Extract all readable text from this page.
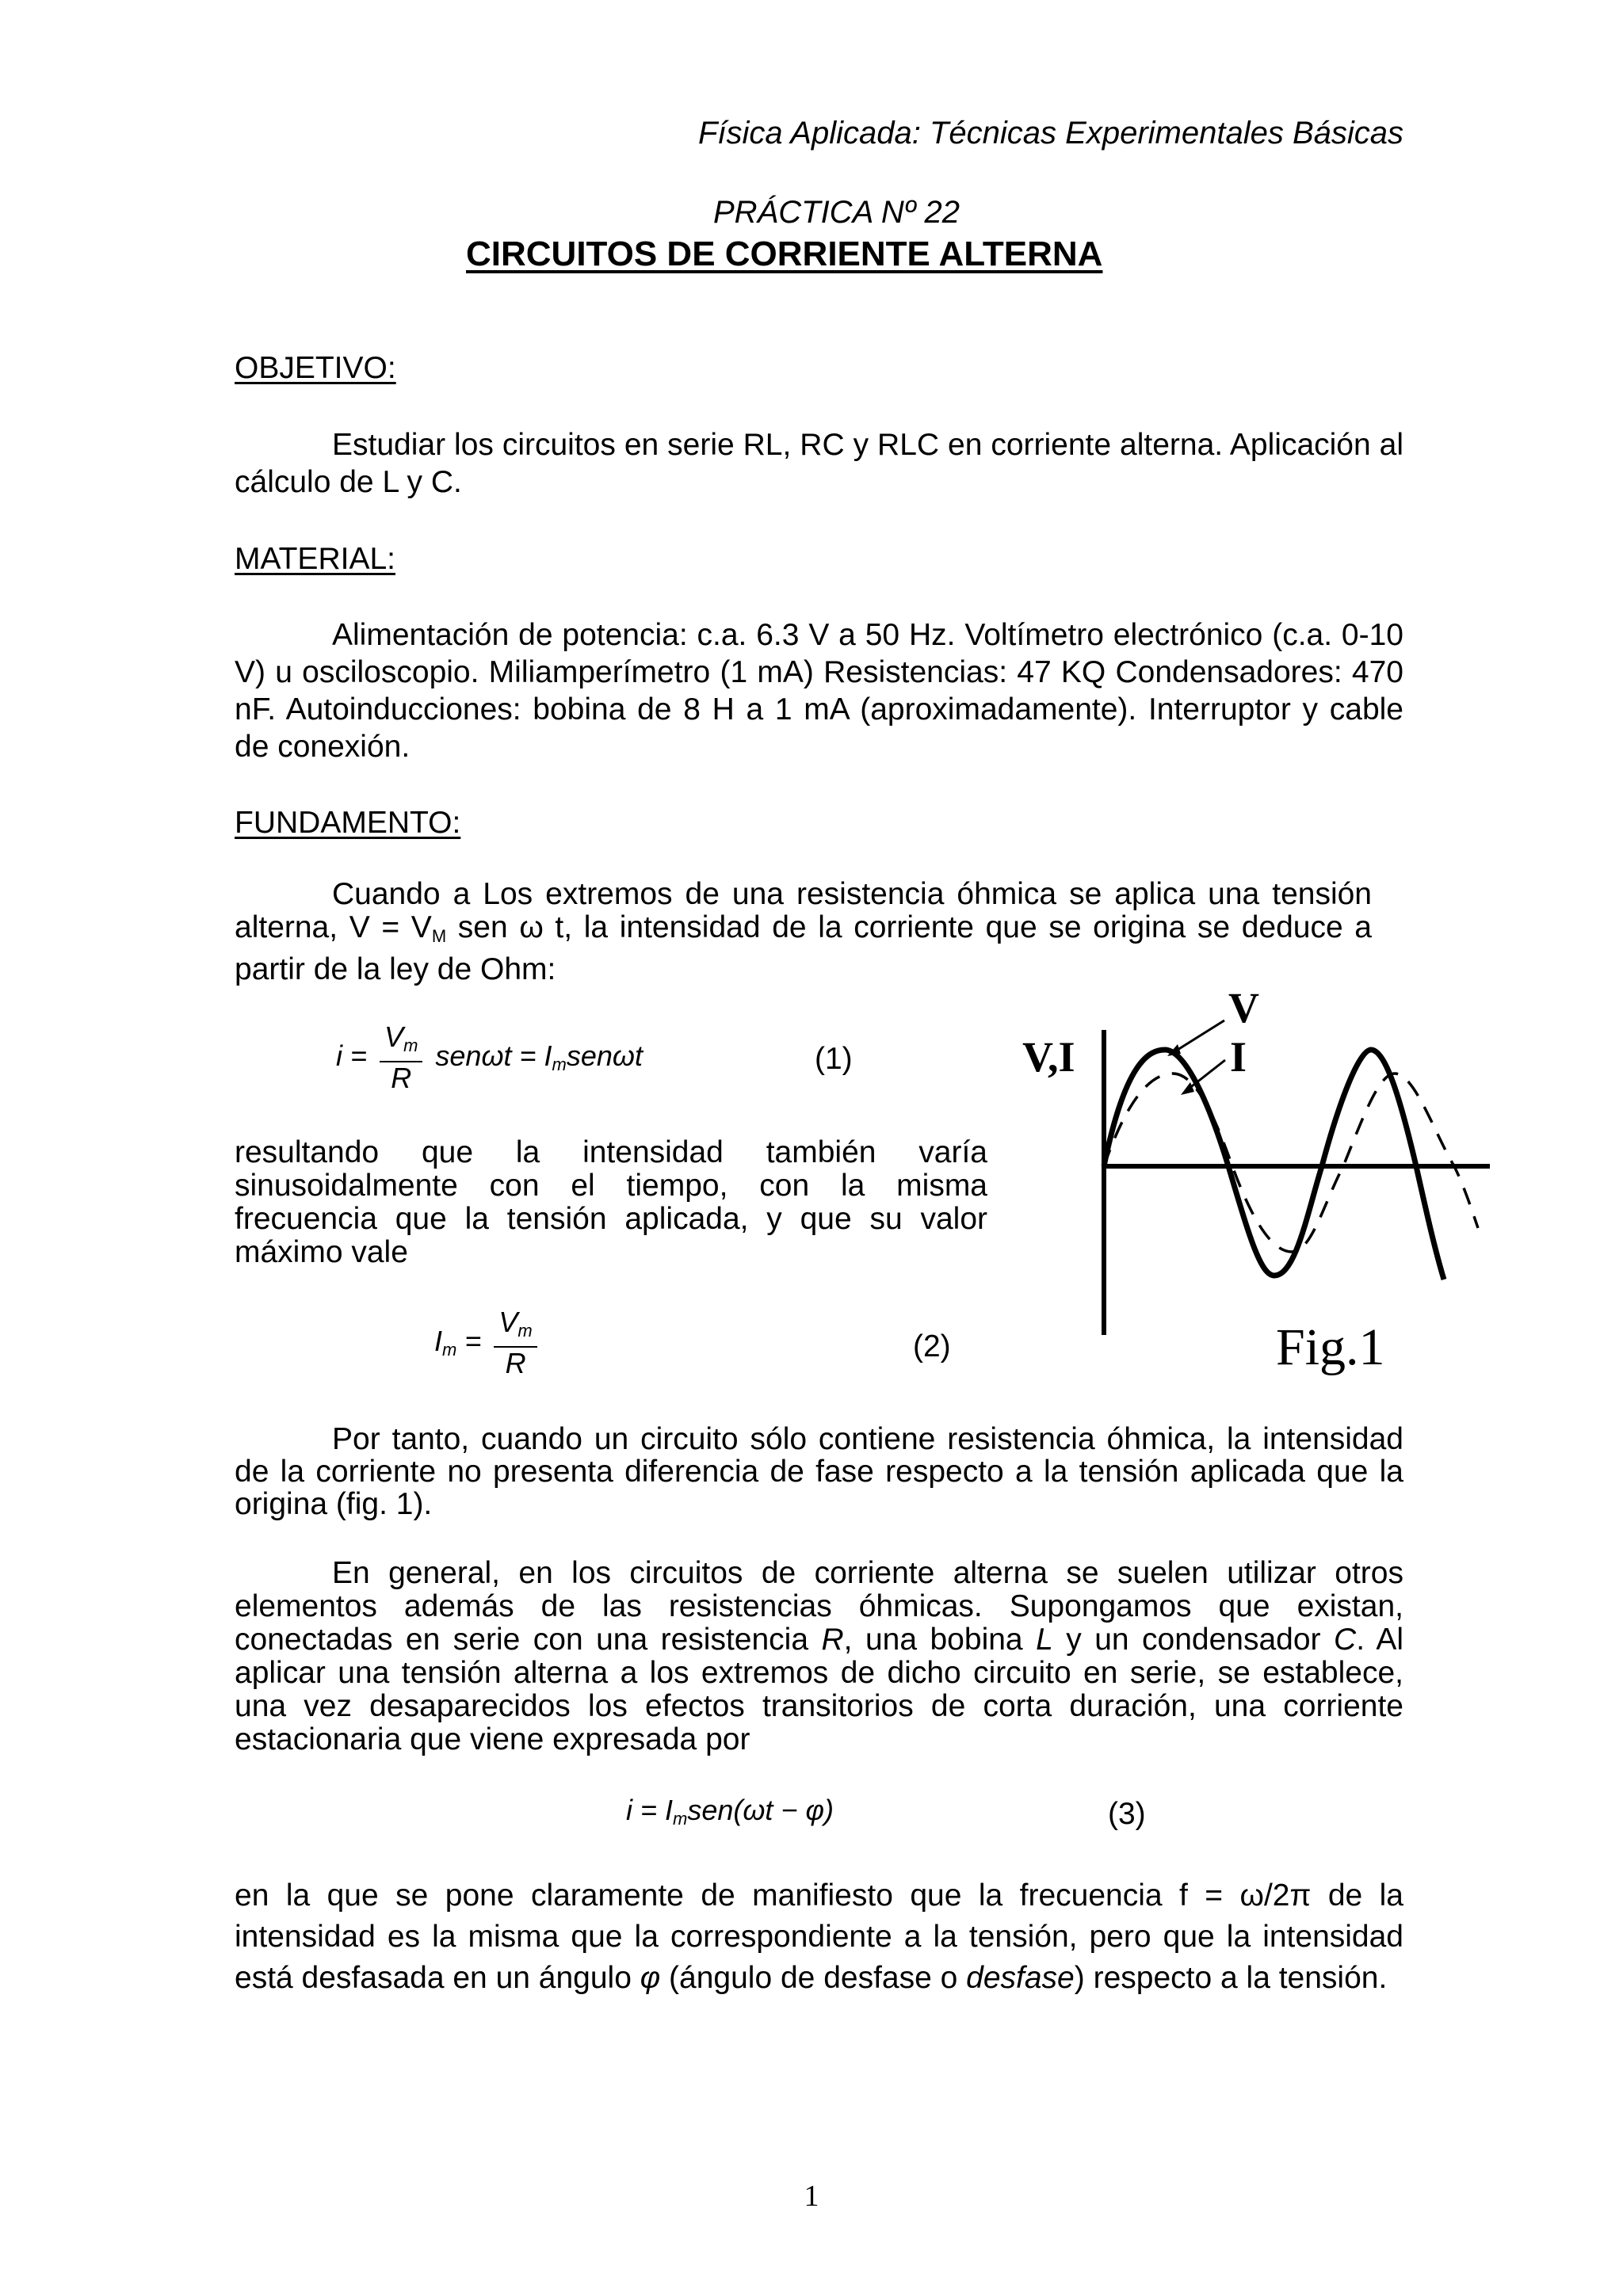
Física Aplicada: Técnicas Experimentales Básicas
PRÁCTICA Nº 22
CIRCUITOS DE CORRIENTE ALTERNA
OBJETIVO:
Estudiar los circuitos en serie RL, RC y RLC en corriente alterna. Aplicación al cálculo de L y C.
MATERIAL:
Alimentación de potencia: c.a. 6.3 V a 50 Hz. Voltímetro electrónico (c.a. 0-10 V) u osciloscopio. Miliamperímetro (1 mA) Resistencias: 47 KQ Condensadores: 470 nF. Autoinducciones: bobina de 8 H a 1 mA (aproximadamente). Interruptor y cable de conexión.
FUNDAMENTO:
Cuando a Los extremos de una resistencia óhmica se aplica una tensión alterna, $V = V_M$ sen ω t, la intensidad de la corriente que se origina se deduce a partir de la ley de Ohm:
$i = \frac{V_m}{R}$ $sen\omega t = I_msen\omega t$	(1)
resultando que la intensidad también varía sinusoidalmente con el tiempo, con la misma frecuencia que la tensión aplicada, y que su valor máximo vale
$I_m = \frac{V_m}{R}$	(2)
V,I
V
I
Fig.1
Por tanto, cuando un circuito sólo contiene resistencia óhmica, la intensidad de la corriente no presenta diferencia de fase respecto a la tensión aplicada que la origina (fig. 1).
En general, en los circuitos de corriente alterna se suelen utilizar otros elementos además de las resistencias óhmicas. Supongamos que existan, conectadas en serie con una resistencia R, una bobina L y un condensador C. Al aplicar una tensión alterna a los extremos de dicho circuito en serie, se establece, una vez desaparecidos los efectos transitorios de corta duración, una corriente estacionaria que viene expresada por
$i = I_msen(\omega t - \varphi)$	(3)
en la que se pone claramente de manifiesto que la frecuencia f = ω/2π de la intensidad es la misma que la correspondiente a la tensión, pero que la intensidad está desfasada en un ángulo φ (ángulo de desfase o desfase) respecto a la tensión.
1
